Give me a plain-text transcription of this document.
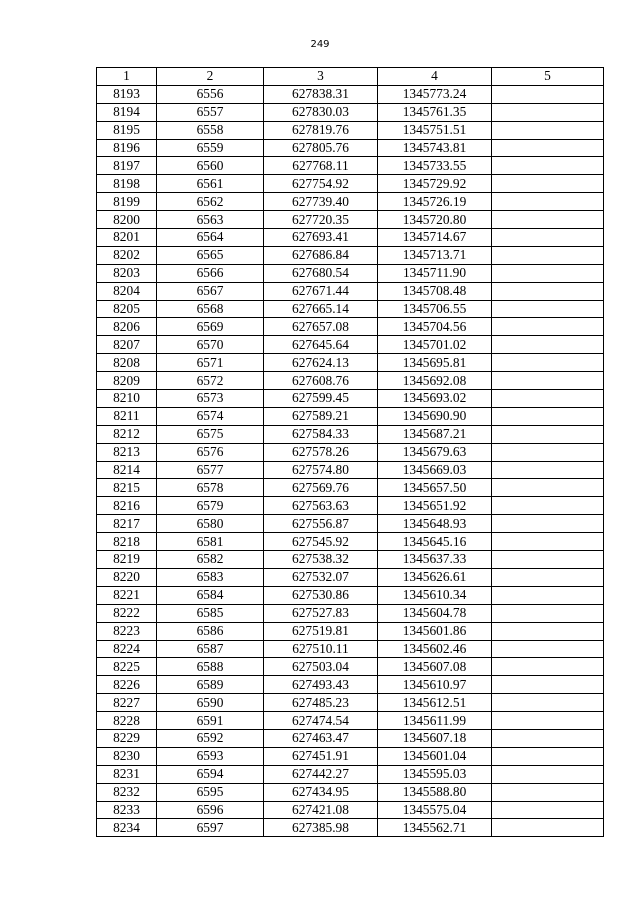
249
1	2	3	4	5
8193	6556	627838.31	1345773.24	
8194	6557	627830.03	1345761.35	
8195	6558	627819.76	1345751.51	
8196	6559	627805.76	1345743.81	
8197	6560	627768.11	1345733.55	
8198	6561	627754.92	1345729.92	
8199	6562	627739.40	1345726.19	
8200	6563	627720.35	1345720.80	
8201	6564	627693.41	1345714.67	
8202	6565	627686.84	1345713.71	
8203	6566	627680.54	1345711.90	
8204	6567	627671.44	1345708.48	
8205	6568	627665.14	1345706.55	
8206	6569	627657.08	1345704.56	
8207	6570	627645.64	1345701.02	
8208	6571	627624.13	1345695.81	
8209	6572	627608.76	1345692.08	
8210	6573	627599.45	1345693.02	
8211	6574	627589.21	1345690.90	
8212	6575	627584.33	1345687.21	
8213	6576	627578.26	1345679.63	
8214	6577	627574.80	1345669.03	
8215	6578	627569.76	1345657.50	
8216	6579	627563.63	1345651.92	
8217	6580	627556.87	1345648.93	
8218	6581	627545.92	1345645.16	
8219	6582	627538.32	1345637.33	
8220	6583	627532.07	1345626.61	
8221	6584	627530.86	1345610.34	
8222	6585	627527.83	1345604.78	
8223	6586	627519.81	1345601.86	
8224	6587	627510.11	1345602.46	
8225	6588	627503.04	1345607.08	
8226	6589	627493.43	1345610.97	
8227	6590	627485.23	1345612.51	
8228	6591	627474.54	1345611.99	
8229	6592	627463.47	1345607.18	
8230	6593	627451.91	1345601.04	
8231	6594	627442.27	1345595.03	
8232	6595	627434.95	1345588.80	
8233	6596	627421.08	1345575.04	
8234	6597	627385.98	1345562.71	
